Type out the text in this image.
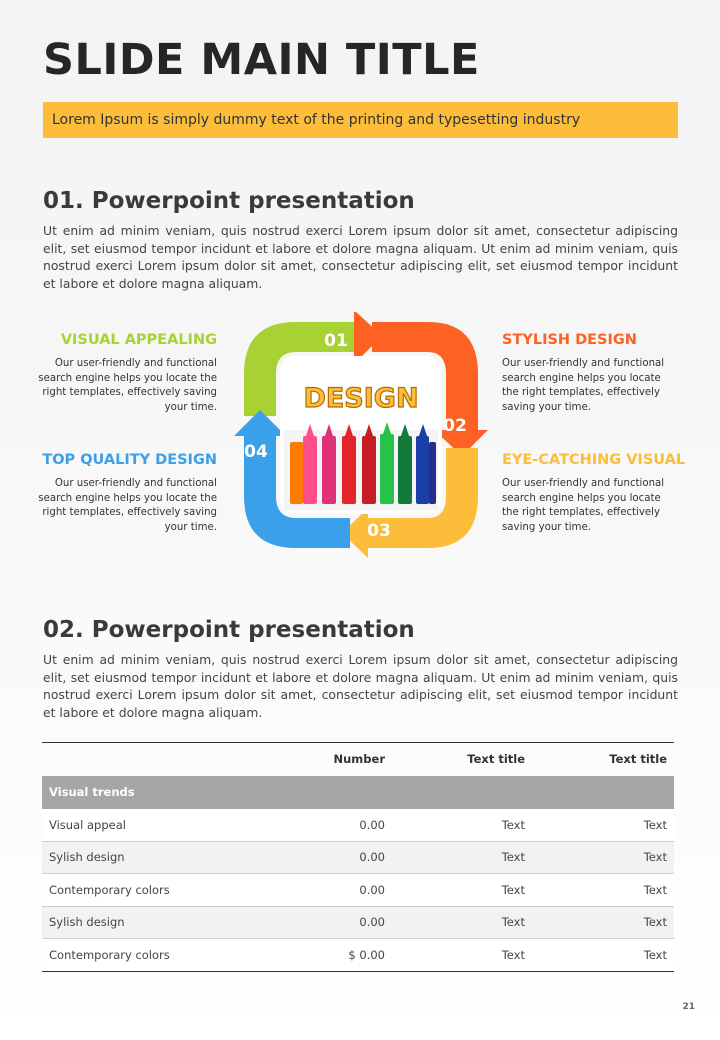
SLIDE MAIN TITLE
Lorem Ipsum is simply dummy text of the printing and typesetting industry
01. Powerpoint presentation
Ut enim ad minim veniam, quis nostrud exerci Lorem ipsum dolor sit amet, consectetur adipiscing elit, set eiusmod tempor incidunt et labore et dolore magna aliquam. Ut enim ad minim veniam, quis nostrud exerci Lorem ipsum dolor sit amet, consectetur adipiscing elit, set eiusmod tempor incidunt et labore et dolore magna aliquam.
VISUAL APPEALING
Our user-friendly and functional search engine helps you locate the right templates, effectively saving your time.
STYLISH DESIGN
Our user-friendly and functional search engine helps you locate the right templates, effectively saving your time.
TOP QUALITY DESIGN
Our user-friendly and functional search engine helps you locate the right templates, effectively saving your time.
EYE-CATCHING VISUAL
Our user-friendly and functional search engine helps you locate the right templates, effectively saving your time.
DESIGN
01
02
03
04
02. Powerpoint presentation
Ut enim ad minim veniam, quis nostrud exerci Lorem ipsum dolor sit amet, consectetur adipiscing elit, set eiusmod tempor incidunt et labore et dolore magna aliquam. Ut enim ad minim veniam, quis nostrud exerci Lorem ipsum dolor sit amet, consectetur adipiscing elit, set eiusmod tempor incidunt et labore et dolore magna aliquam.
	Number	Text title	Text title
Visual trends			
Visual appeal	0.00	Text	Text
Sylish design	0.00	Text	Text
Contemporary colors	0.00	Text	Text
Sylish design	0.00	Text	Text
Contemporary colors	$ 0.00	Text	Text
21
